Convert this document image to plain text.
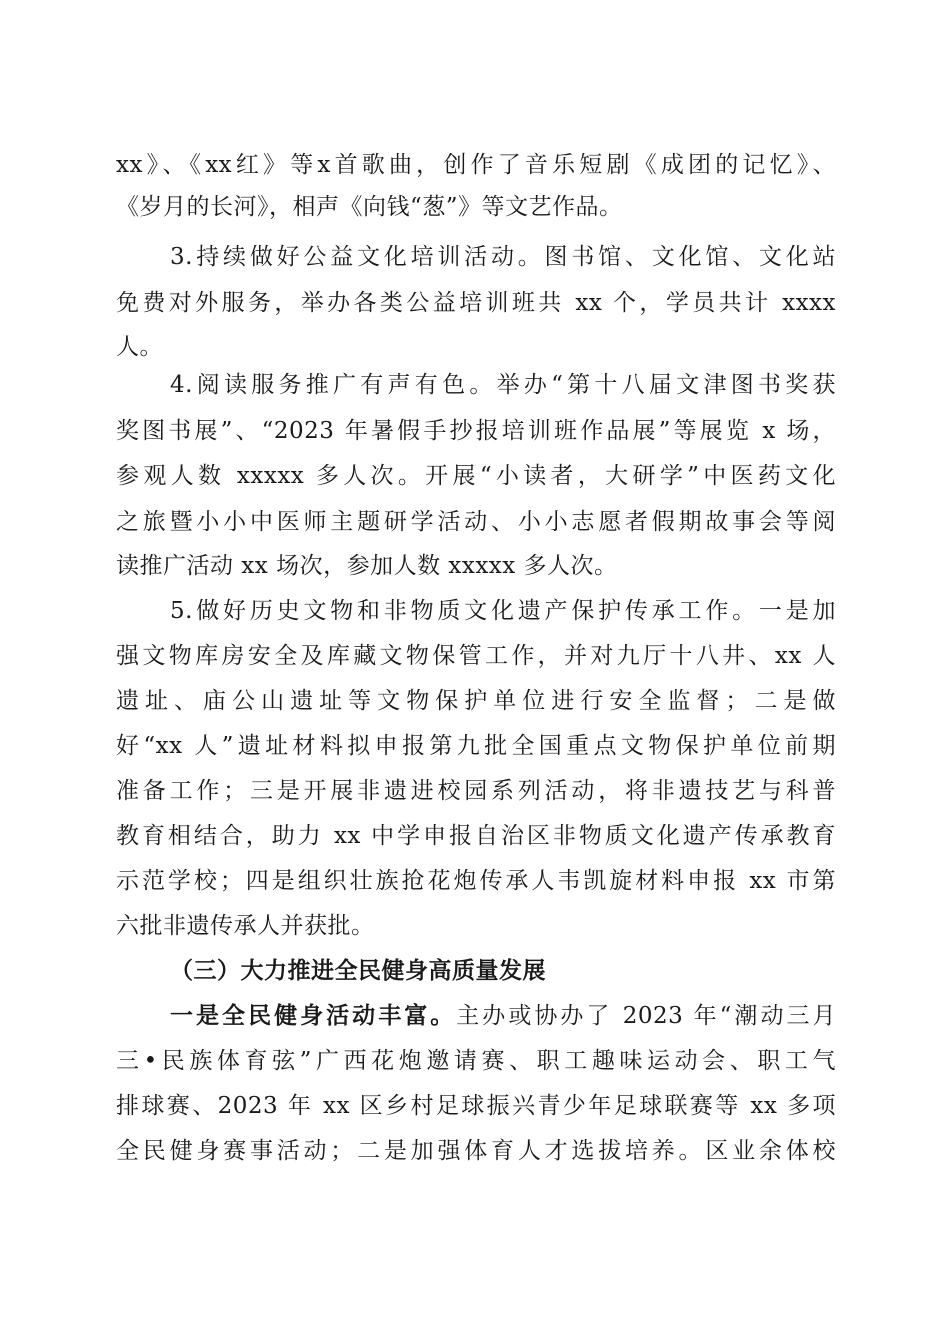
xx》、《xx红》等x首歌曲，创作了音乐短剧《成团的记忆》、
《岁月的长河》，相声《向钱“葱”》等文艺作品。
3.持续做好公益文化培训活动。图书馆、文化馆、文化站
免费对外服务，举办各类公益培训班共 xx 个，学员共计 xxxx
人。
4.阅读服务推广有声有色。举办“第十八届文津图书奖获
奖图书展”、“2023 年暑假手抄报培训班作品展”等展览 x 场，
参观人数 xxxxx 多人次。开展“小读者，大研学”中医药文化
之旅暨小小中医师主题研学活动、小小志愿者假期故事会等阅
读推广活动 xx 场次，参加人数 xxxxx 多人次。
5.做好历史文物和非物质文化遗产保护传承工作。一是加
强文物库房安全及库藏文物保管工作，并对九厅十八井、xx 人
遗址、庙公山遗址等文物保护单位进行安全监督；二是做
好“xx 人”遗址材料拟申报第九批全国重点文物保护单位前期
准备工作；三是开展非遗进校园系列活动，将非遗技艺与科普
教育相结合，助力 xx 中学申报自治区非物质文化遗产传承教育
示范学校；四是组织壮族抢花炮传承人韦凯旋材料申报 xx 市第
六批非遗传承人并获批。
（三）大力推进全民健身高质量发展
一是全民健身活动丰富。主办或协办了 2023 年“潮动三月
三•民族体育弦”广西花炮邀请赛、职工趣味运动会、职工气
排球赛、2023 年 xx 区乡村足球振兴青少年足球联赛等 xx 多项
全民健身赛事活动；二是加强体育人才选拔培养。区业余体校
